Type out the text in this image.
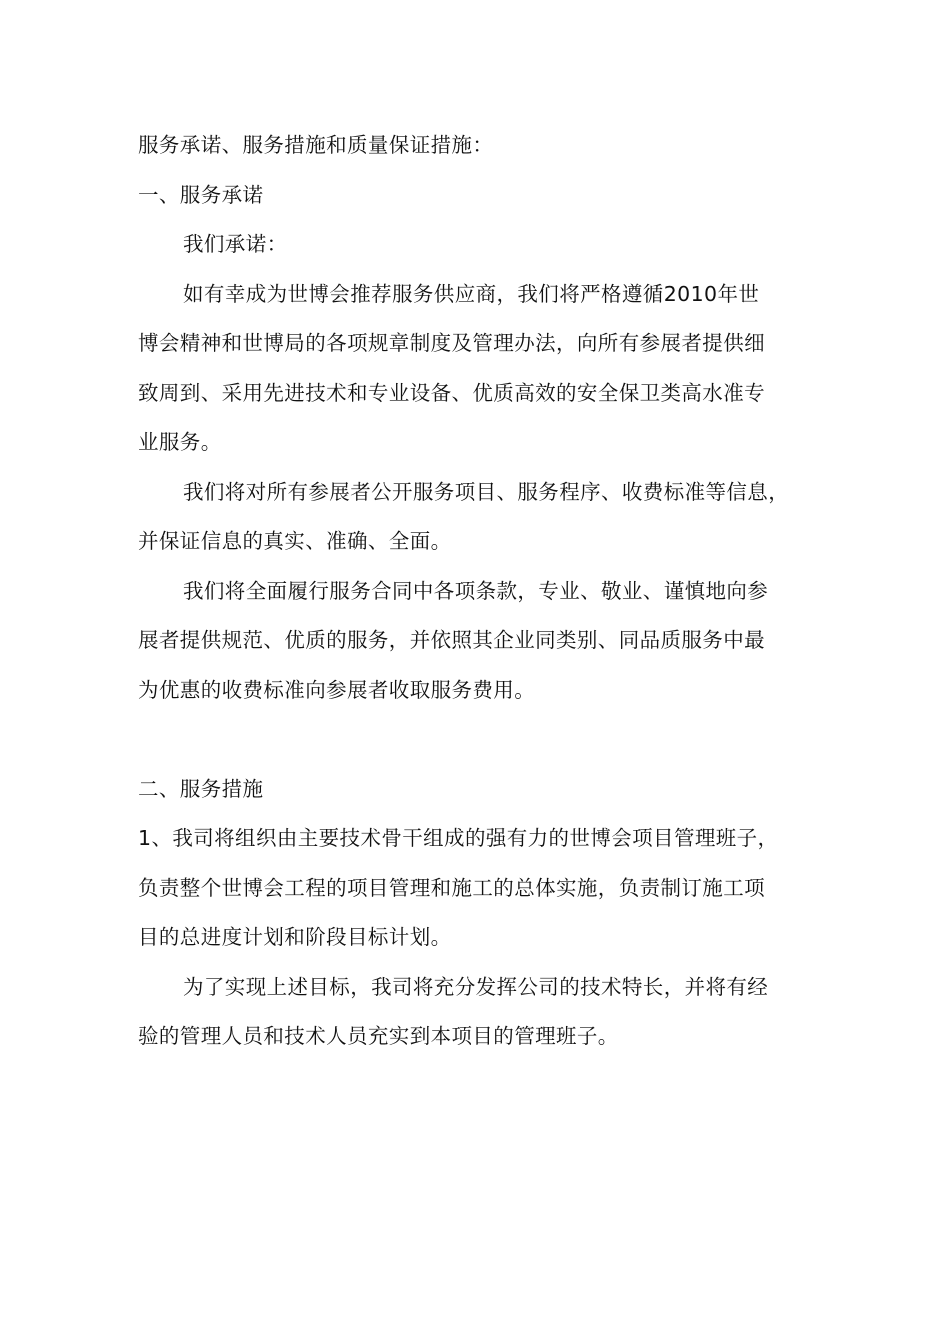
服务承诺、服务措施和质量保证措施：
一、服务承诺
我们承诺：
如有幸成为世博会推荐服务供应商，我们将严格遵循2010年世
博会精神和世博局的各项规章制度及管理办法，向所有参展者提供细
致周到、采用先进技术和专业设备、优质高效的安全保卫类高水准专
业服务。
我们将对所有参展者公开服务项目、服务程序、收费标准等信息，
并保证信息的真实、准确、全面。
我们将全面履行服务合同中各项条款，专业、敬业、谨慎地向参
展者提供规范、优质的服务，并依照其企业同类别、同品质服务中最
为优惠的收费标准向参展者收取服务费用。
二、服务措施
1、我司将组织由主要技术骨干组成的强有力的世博会项目管理班子，
负责整个世博会工程的项目管理和施工的总体实施，负责制订施工项
目的总进度计划和阶段目标计划。
为了实现上述目标，我司将充分发挥公司的技术特长，并将有经
验的管理人员和技术人员充实到本项目的管理班子。
